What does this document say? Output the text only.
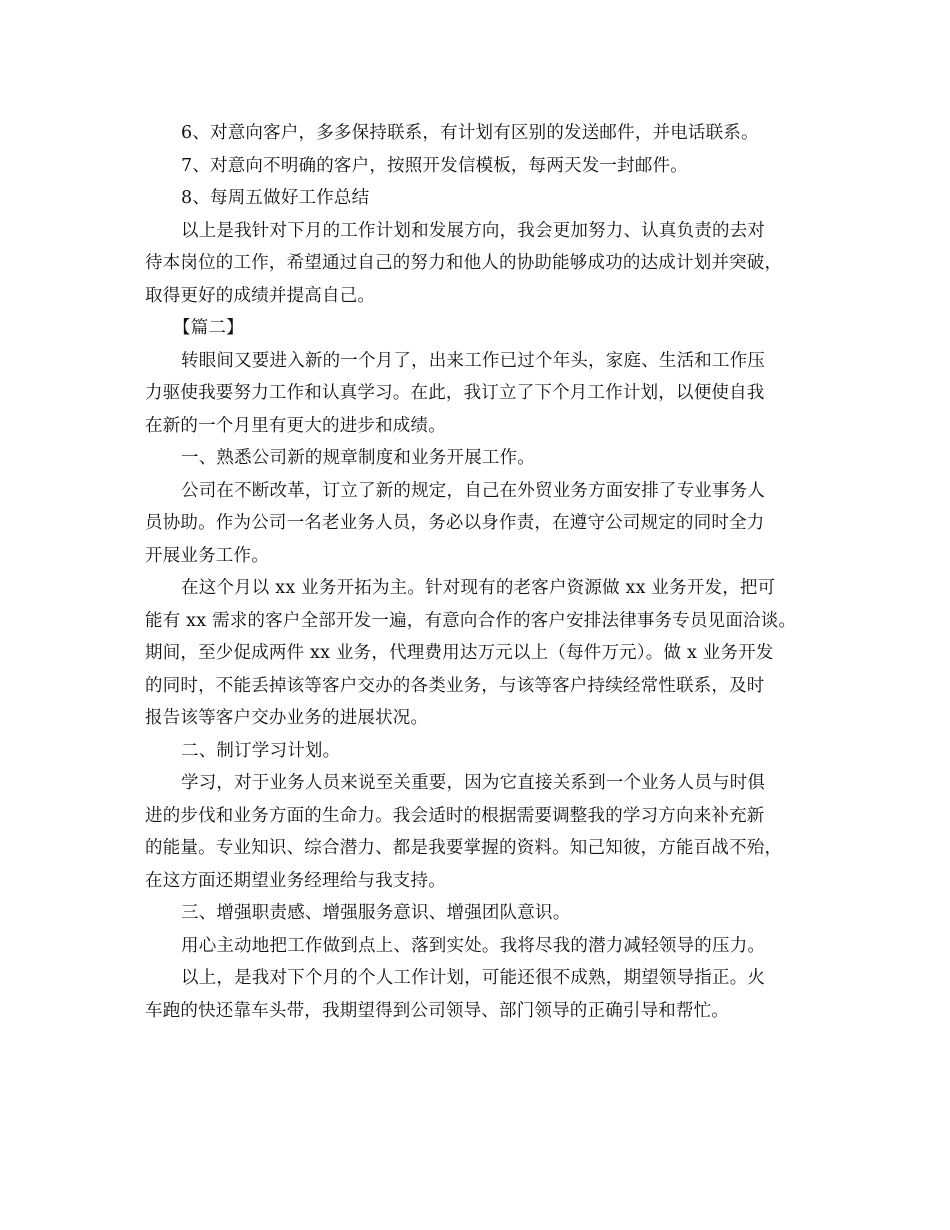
6、对意向客户，多多保持联系，有计划有区别的发送邮件，并电话联系。
7、对意向不明确的客户，按照开发信模板，每两天发一封邮件。
8、每周五做好工作总结
以上是我针对下月的工作计划和发展方向，我会更加努力、认真负责的去对
待本岗位的工作，希望通过自己的努力和他人的协助能够成功的达成计划并突破，
取得更好的成绩并提高自己。
【篇二】
转眼间又要进入新的一个月了，出来工作已过个年头，家庭、生活和工作压
力驱使我要努力工作和认真学习。在此，我订立了下个月工作计划，以便使自我
在新的一个月里有更大的进步和成绩。
一、熟悉公司新的规章制度和业务开展工作。
公司在不断改革，订立了新的规定，自己在外贸业务方面安排了专业事务人
员协助。作为公司一名老业务人员，务必以身作责，在遵守公司规定的同时全力
开展业务工作。
在这个月以 xx 业务开拓为主。针对现有的老客户资源做 xx 业务开发，把可
能有 xx 需求的客户全部开发一遍，有意向合作的客户安排法律事务专员见面洽谈。
期间，至少促成两件 xx 业务，代理费用达万元以上（每件万元）。做 x 业务开发
的同时，不能丢掉该等客户交办的各类业务，与该等客户持续经常性联系，及时
报告该等客户交办业务的进展状况。
二、制订学习计划。
学习，对于业务人员来说至关重要，因为它直接关系到一个业务人员与时俱
进的步伐和业务方面的生命力。我会适时的根据需要调整我的学习方向来补充新
的能量。专业知识、综合潜力、都是我要掌握的资料。知己知彼，方能百战不殆，
在这方面还期望业务经理给与我支持。
三、增强职责感、增强服务意识、增强团队意识。
用心主动地把工作做到点上、落到实处。我将尽我的潜力减轻领导的压力。
以上，是我对下个月的个人工作计划，可能还很不成熟，期望领导指正。火
车跑的快还靠车头带，我期望得到公司领导、部门领导的正确引导和帮忙。
